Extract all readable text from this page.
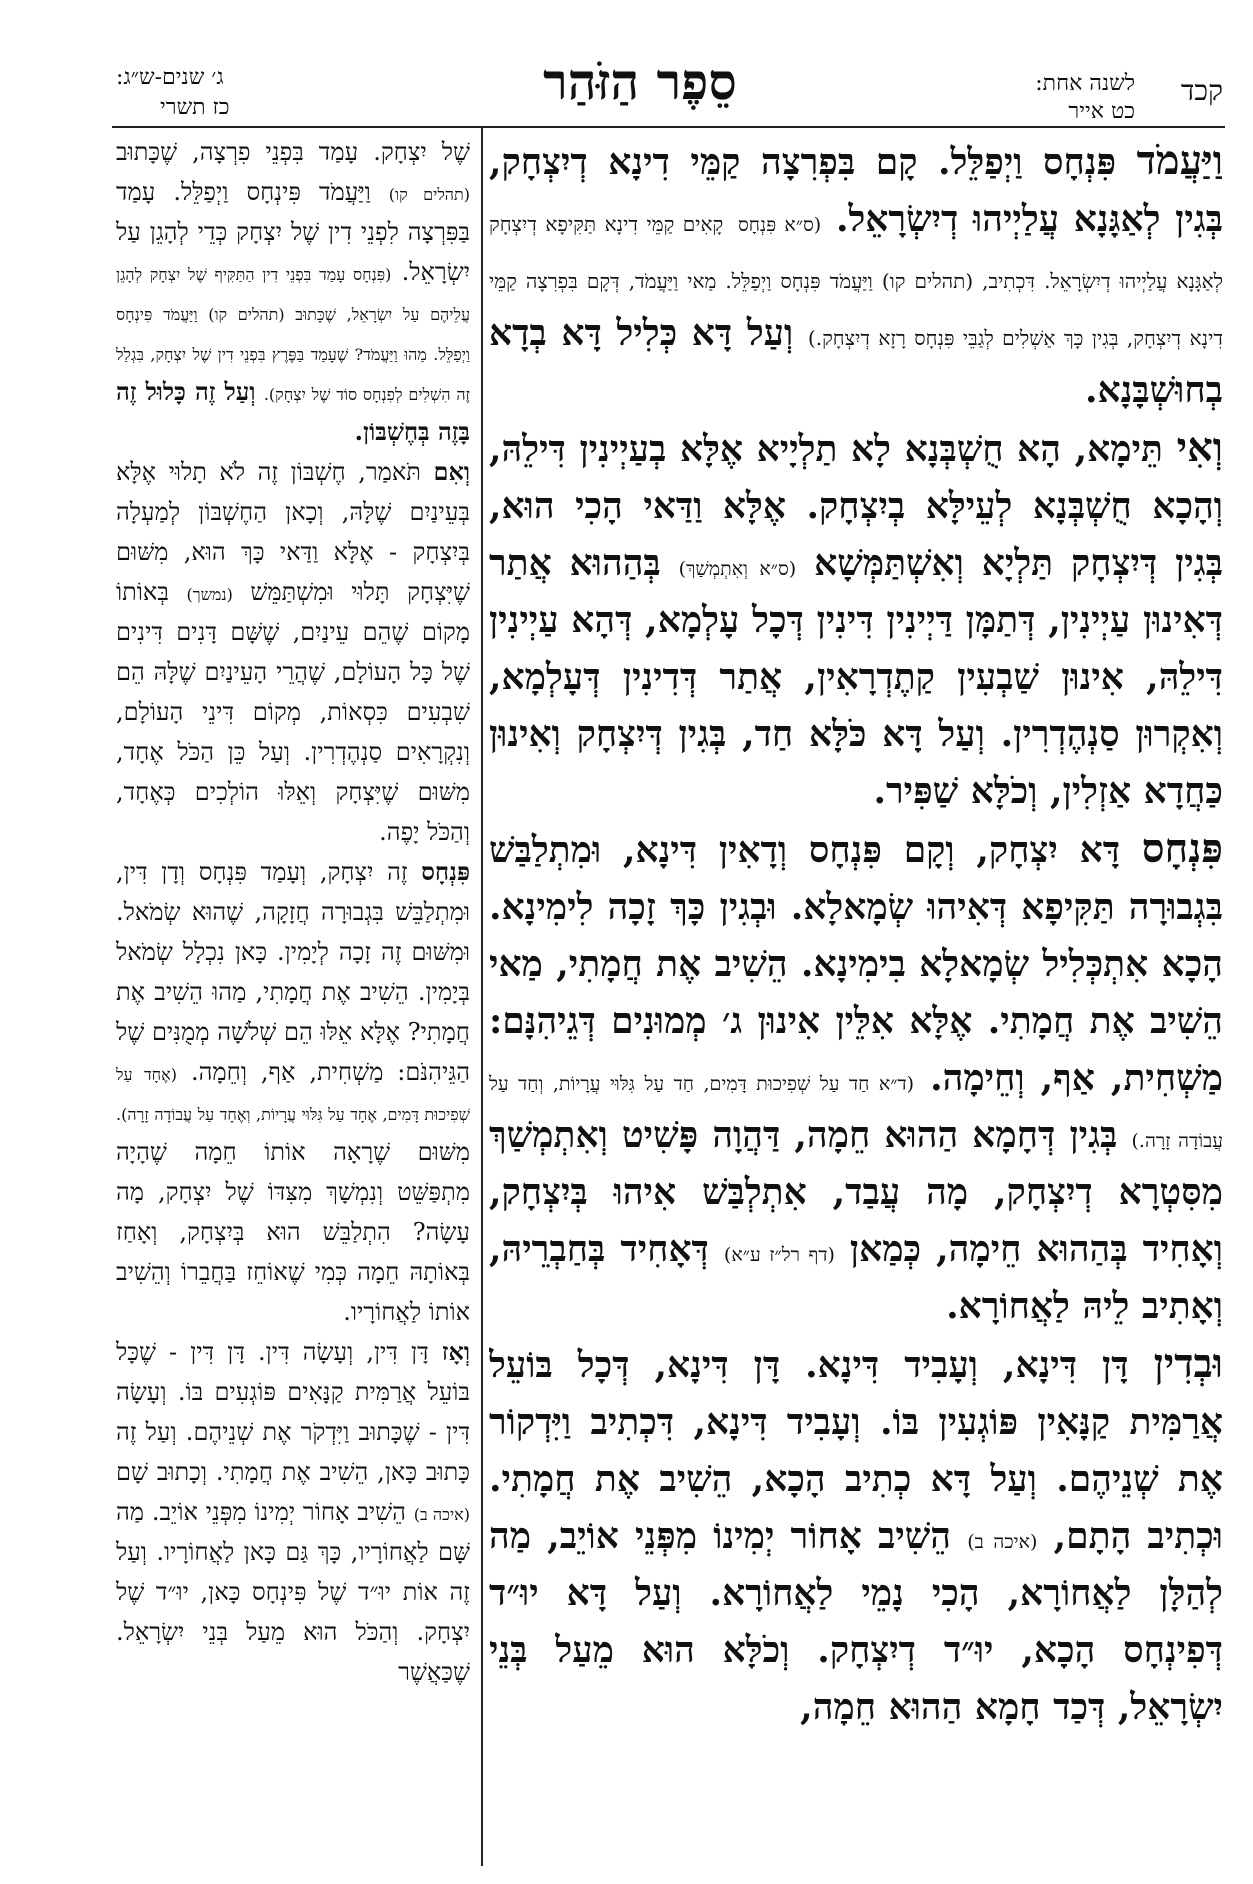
קכד
לשנה אחת:
כט אייר
סֵפֶר הַזֹּהַר
ג׳ שנים-ש״ג:
כז תשרי

וַיַּעֲמֹד פִּנְחָס וַיְפַלֵּל. קָם בִּפְרִצָה קַמֵּי דִינָא דְיִצְחָק, בְּגִין לְאַגָּנָא עֲלַיְיהוּ דְיִשְׂרָאֵל. (ס״א פִּנְחָס קָאִים קַמֵּי דִינָא תַּקִּיפָא דְיִצְחָק לְאַגָּנָא עֲלַיְיהוּ דְיִשְׂרָאֵל. דִּכְתִיב, (תהלים קו) וַיַּעֲמֹד פִּנְחָס וַיְפַלֵּל. מַאי וַיַּעֲמֹד, דְּקָם בִּפְרִצָה קַמֵּי דִינָא דְיִצְחָק, בְּגִין כָּךְ אַשְׁלִים לְגַבֵּי פִּנְחָס רָזָא דְיִצְחָק.) וְעַל דָּא כְּלִיל דָּא בְדָא בְחוּשְׁבָּנָא.

וְאִי תֵּימָא, הָא חֻשְׁבְּנָא לָא תַלְיָיא אֶלָּא בְעַיְינִין דִּילֵהּ, וְהָכָא חֻשְׁבְּנָא לְעֵילָּא בְיִצְחָק. אֶלָּא וַדַּאי הָכִי הוּא, בְּגִין דְּיִצְחָק תַּלְיָא וְאִשְׁתַּמְּשָׁא (ס״א וְאִתְמְשַׁךְ) בְּהַהוּא אֲתַר דְּאִינוּן עַיְינִין, דְּתַמָּן דַּיְינִין דִּינִין דְּכָל עָלְמָא, דְּהָא עַיְינִין דִּילֵהּ, אִינוּן שַׁבְעִין קַתֶדְרָאִין, אֲתַר דְּדִינִין דְּעָלְמָא, וְאִקְרוּן סַנְהֶדְרִין. וְעַל דָּא כֹּלָּא חַד, בְּגִין דְּיִצְחָק וְאִינוּן כַּחֲדָא אַזְלִין, וְכֹלָּא שַׁפִּיר.

פִּנְחָס דָּא יִצְחָק, וְקָם פִּנְחָס וְדָאִין דִּינָא, וּמִתְלַבַּשׁ בִּגְבוּרָה תַּקִּיפָא דְּאִיהוּ שְׂמָאלָא. וּבְגִין כָּךְ זָכָה לִימִינָא. הָכָא אִתְכְּלִיל שְׂמָאלָא בִימִינָא. הֵשִׁיב אֶת חֲמָתִי, מַאי הֵשִׁיב אֶת חֲמָתִי. אֶלָּא אִלֵּין אִינוּן ג׳ מְמוּנִים דְּגֵיהִנָּם: מַשְׁחִית, אַף, וְחֵימָה. (ד״א חַד עַל שְׁפִיכוּת דָּמִים, חַד עַל גִּלּוּי עֲרָיוֹת, וְחַד עַל עֲבוֹדָה זָרָה.) בְּגִין דְּחָמָא הַהוּא חֵמָה, דַּהֲוָה פָּשִׁיט וְאִתְמְשַׁךְ מִסִּטְרָא דְיִצְחָק, מָה עֲבַד, אִתְלְבַּשׁ אִיהוּ בְּיִצְחָק, וְאָחִיד בְּהַהוּא חֵימָה, כְּמַאן (דף רל״ז ע״א) דְּאָחִיד בְּחַבְרֵיהּ, וְאָתִיב לֵיהּ לַאֲחוֹרָא.

וּבְדִין דָּן דִּינָא, וְעָבִיד דִּינָא. דָּן דִּינָא, דְּכָל בּוֹעֵל אֲרַמִּית קַנָּאִין פּוֹגְעִין בּוֹ. וְעָבִיד דִּינָא, דִּכְתִיב וַיִּדְקוֹר אֶת שְׁנֵיהֶם. וְעַל דָּא כְתִיב הָכָא, הֵשִׁיב אֶת חֲמָתִי. וּכְתִיב הָתָם, (איכה ב) הֵשִׁיב אָחוֹר יְמִינוֹ מִפְּנֵי אוֹיֵב, מַה לְהַלָּן לַאֲחוֹרָא, הָכִי נָמֵי לַאֲחוֹרָא. וְעַל דָּא יוּ״ד דְּפִינְחָס הָכָא, יוּ״ד דְיִצְחָק. וְכֹלָּא הוּא מֵעַל בְּנֵי יִשְׂרָאֵל, דְּכַד חָמָא הַהוּא חֵמָה,

שֶׁל יִצְחָק. עָמַד בִּפְנֵי פִרְצָה, שֶׁכָּתוּב (תהלים קו) וַיַּעֲמֹד פִּינְחָס וַיְפַלֵּל. עָמַד בַּפִּרְצָה לִפְנֵי דִין שֶׁל יִצְחָק כְּדֵי לְהָגֵן עַל יִשְׂרָאֵל. (פִּנְחָס עָמַד בִּפְנֵי דִין הַתַּקִּיף שֶׁל יִצְחָק לְהָגֵן עֲלֵיהֶם עַל יִשְׂרָאֵל, שֶׁכָּתוּב (תהלים קו) וַיַּעֲמֹד פִּינְחָס וַיְפַלֵּל. מַהוּ וַיַּעֲמֹד? שֶׁעָמַד בַּפֶּרֶץ בִּפְנֵי דִין שֶׁל יִצְחָק, בִּגְלַל זֶה הִשְׁלִים לְפִנְחָס סוֹד שֶׁל יִצְחָק). וְעַל זֶה כָּלוּל זֶה בָּזֶה בְּחֶשְׁבּוֹן.

וְאִם תֹּאמַר, חֶשְׁבּוֹן זֶה לֹא תָלוּי אֶלָּא בְּעֵינַיִם שֶׁלָּהּ, וְכָאן הַחֶשְׁבּוֹן לְמַעְלָה בְּיִצְחָק - אֶלָּא וַדַּאי כָּךְ הוּא, מִשּׁוּם שֶׁיִּצְחָק תָּלוּי וּמִשְׁתַּמֵּשׁ (נמשך) בְּאוֹתוֹ מָקוֹם שֶׁהֵם עֵינַיִם, שֶׁשָּׁם דָּנִים דִּינִים שֶׁל כָּל הָעוֹלָם, שֶׁהֲרֵי הָעֵינַיִם שֶׁלָּהּ הֵם שִׁבְעִים כִּסְאוֹת, מְקוֹם דִּינֵי הָעוֹלָם, וְנִקְרָאִים סַנְהֶדְרִין. וְעַל כֵּן הַכֹּל אֶחָד, מִשּׁוּם שֶׁיִּצְחָק וְאֵלּוּ הוֹלְכִים כְּאֶחָד, וְהַכֹּל יָפֶה.

פִּנְחָס זֶה יִצְחָק, וְעָמַד פִּנְחָס וְדָן דִּין, וּמִתְלַבֵּשׁ בִּגְבוּרָה חֲזָקָה, שֶׁהוּא שְׂמֹאל. וּמִשּׁוּם זֶה זָכָה לְיָמִין. כָּאן נִכְלָל שְׂמֹאל בְּיָמִין. הֵשִׁיב אֶת חֲמָתִי, מַהוּ הֵשִׁיב אֶת חֲמָתִי? אֶלָּא אֵלּוּ הֵם שְׁלֹשָׁה מְמֻנִּים שֶׁל הַגֵּיהִנֹּם: מַשְׁחִית, אַף, וְחֵמָה. (אֶחָד עַל שְׁפִיכוּת דָּמִים, אֶחָד עַל גִּלּוּי עֲרָיוֹת, וְאֶחָד עַל עֲבוֹדָה זָרָה). מִשּׁוּם שֶׁרָאָה אוֹתוֹ חֵמָה שֶׁהָיָה מִתְפַּשֵּׁט וְנִמְשָׁךְ מִצִּדּוֹ שֶׁל יִצְחָק, מָה עָשָׂה? הִתְלַבֵּשׁ הוּא בְּיִצְחָק, וְאָחַז בְּאוֹתָהּ חֵמָה כְּמִי שֶׁאוֹחֵז בַּחֲבֵרוֹ וְהֵשִׁיב אוֹתוֹ לַאֲחוֹרָיו.

וְאָז דָּן דִּין, וְעָשָׂה דִּין. דָּן דִּין - שֶׁכָּל בּוֹעֵל אֲרַמִּית קַנָּאִים פּוֹגְעִים בּוֹ. וְעָשָׂה דִּין - שֶׁכָּתוּב וַיִּדְקֹר אֶת שְׁנֵיהֶם. וְעַל זֶה כָּתוּב כָּאן, הֵשִׁיב אֶת חֲמָתִי. וְכָתוּב שָׁם (איכה ב) הֵשִׁיב אָחוֹר יְמִינוֹ מִפְּנֵי אוֹיֵב. מַה שָּׁם לַאֲחוֹרָיו, כָּךְ גַּם כָּאן לַאֲחוֹרָיו. וְעַל זֶה אוֹת יוּ״ד שֶׁל פִּינְחָס כָּאן, יוּ״ד שֶׁל יִצְחָק. וְהַכֹּל הוּא מֵעַל בְּנֵי יִשְׂרָאֵל. שֶׁכַּאֲשֶׁר
